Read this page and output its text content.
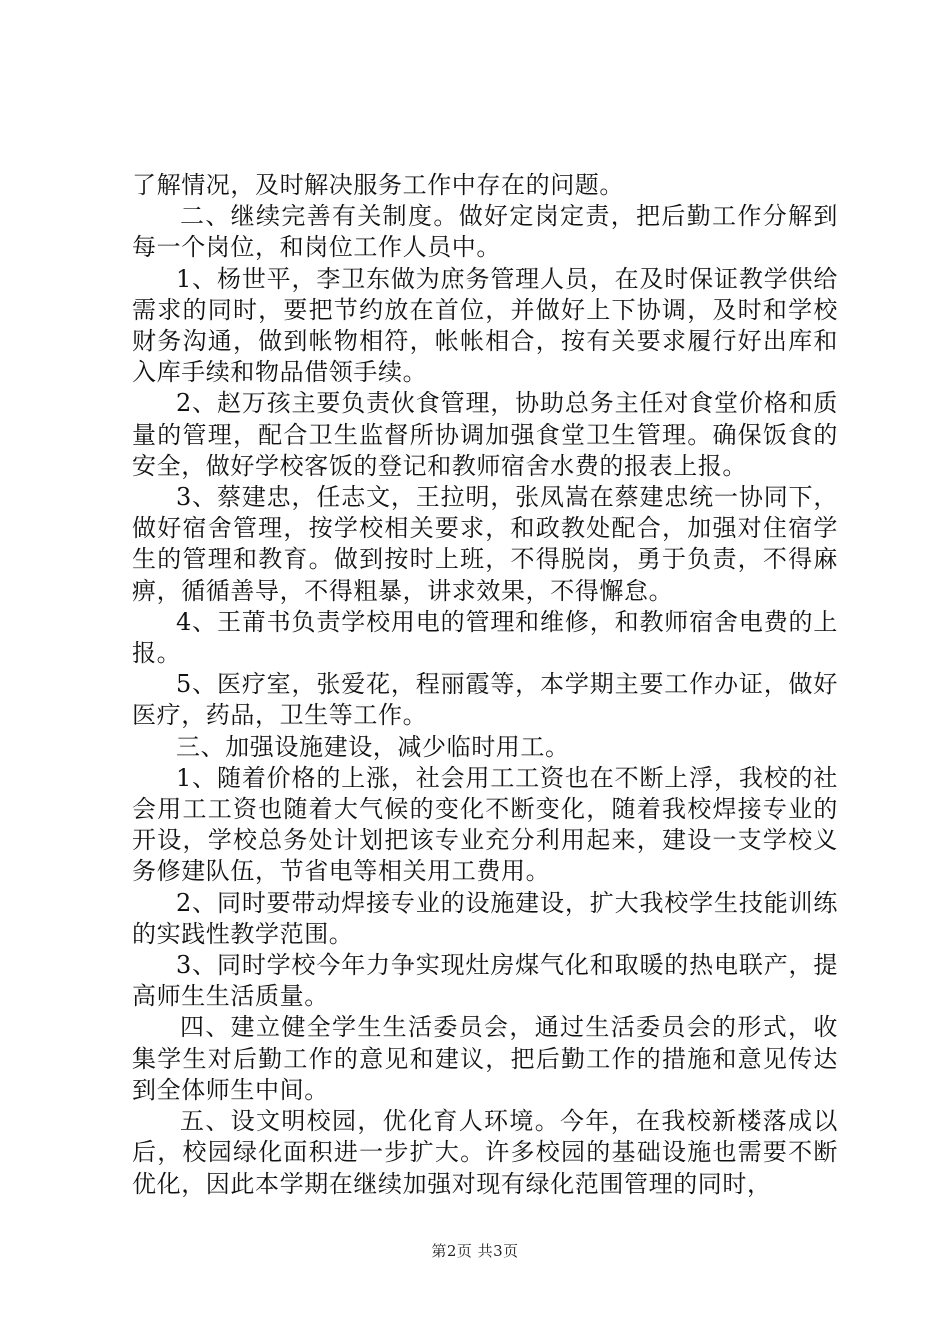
了解情况，及时解决服务工作中存在的问题。

二、继续完善有关制度。做好定岗定责，把后勤工作分解到每一个岗位，和岗位工作人员中。

1、杨世平，李卫东做为庶务管理人员，在及时保证教学供给需求的同时，要把节约放在首位，并做好上下协调，及时和学校财务沟通，做到帐物相符，帐帐相合，按有关要求履行好出库和入库手续和物品借领手续。

2、赵万孩主要负责伙食管理，协助总务主任对食堂价格和质量的管理，配合卫生监督所协调加强食堂卫生管理。确保饭食的安全，做好学校客饭的登记和教师宿舍水费的报表上报。

3、蔡建忠，任志文，王拉明，张凤嵩在蔡建忠统一协同下，做好宿舍管理，按学校相关要求，和政教处配合，加强对住宿学生的管理和教育。做到按时上班，不得脱岗，勇于负责，不得麻痹，循循善导，不得粗暴，讲求效果，不得懈怠。

4、王莆书负责学校用电的管理和维修，和教师宿舍电费的上报。

5、医疗室，张爱花，程丽霞等，本学期主要工作办证，做好医疗，药品，卫生等工作。

三、加强设施建设，减少临时用工。

1、随着价格的上涨，社会用工工资也在不断上浮，我校的社会用工工资也随着大气候的变化不断变化，随着我校焊接专业的开设，学校总务处计划把该专业充分利用起来，建设一支学校义务修建队伍，节省电等相关用工费用。

2、同时要带动焊接专业的设施建设，扩大我校学生技能训练的实践性教学范围。

3、同时学校今年力争实现灶房煤气化和取暖的热电联产，提高师生生活质量。

四、建立健全学生生活委员会，通过生活委员会的形式，收集学生对后勤工作的意见和建议，把后勤工作的措施和意见传达到全体师生中间。

五、设文明校园，优化育人环境。今年，在我校新楼落成以后，校园绿化面积进一步扩大。许多校园的基础设施也需要不断优化，因此本学期在继续加强对现有绿化范围管理的同时，

第2页 共3页
